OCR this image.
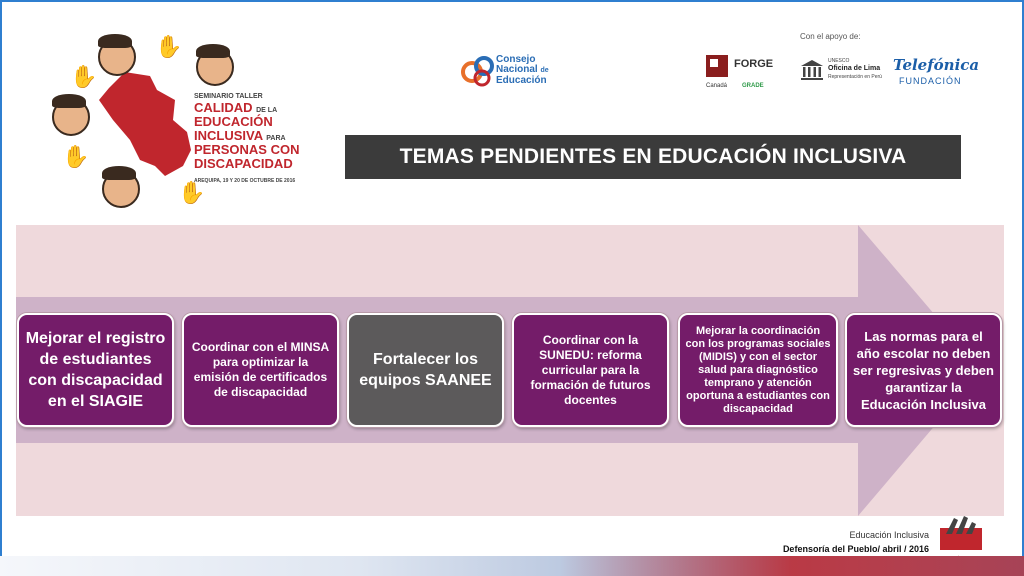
✋
✋
✋
✋
SEMINARIO TALLER
CALIDAD DE LA
EDUCACIÓN
INCLUSIVA PARA
PERSONAS CON
DISCAPACIDAD
AREQUIPA, 19 Y 20 DE OCTUBRE DE 2016
Consejo
Nacional de
Educación
Con el apoyo de:
FORGE
Canadá GRADE
UNESCO
Oficina de Lima
Representación en Perú
Telefónica
FUNDACIÓN
TEMAS PENDIENTES EN EDUCACIÓN INCLUSIVA
Mejorar el registro de estudiantes con discapacidad en el SIAGIE
Coordinar con el MINSA para optimizar la emisión de certificados de discapacidad
Fortalecer los equipos SAANEE
Coordinar con la SUNEDU: reforma curricular para la formación de futuros docentes
Mejorar la coordinación con los programas sociales (MIDIS) y con el sector salud para diagnóstico temprano y atención oportuna a estudiantes con discapacidad
Las normas para el año escolar no deben ser regresivas y deben garantizar la Educación Inclusiva
Educación Inclusiva
Defensoría del Pueblo/ abril / 2016
